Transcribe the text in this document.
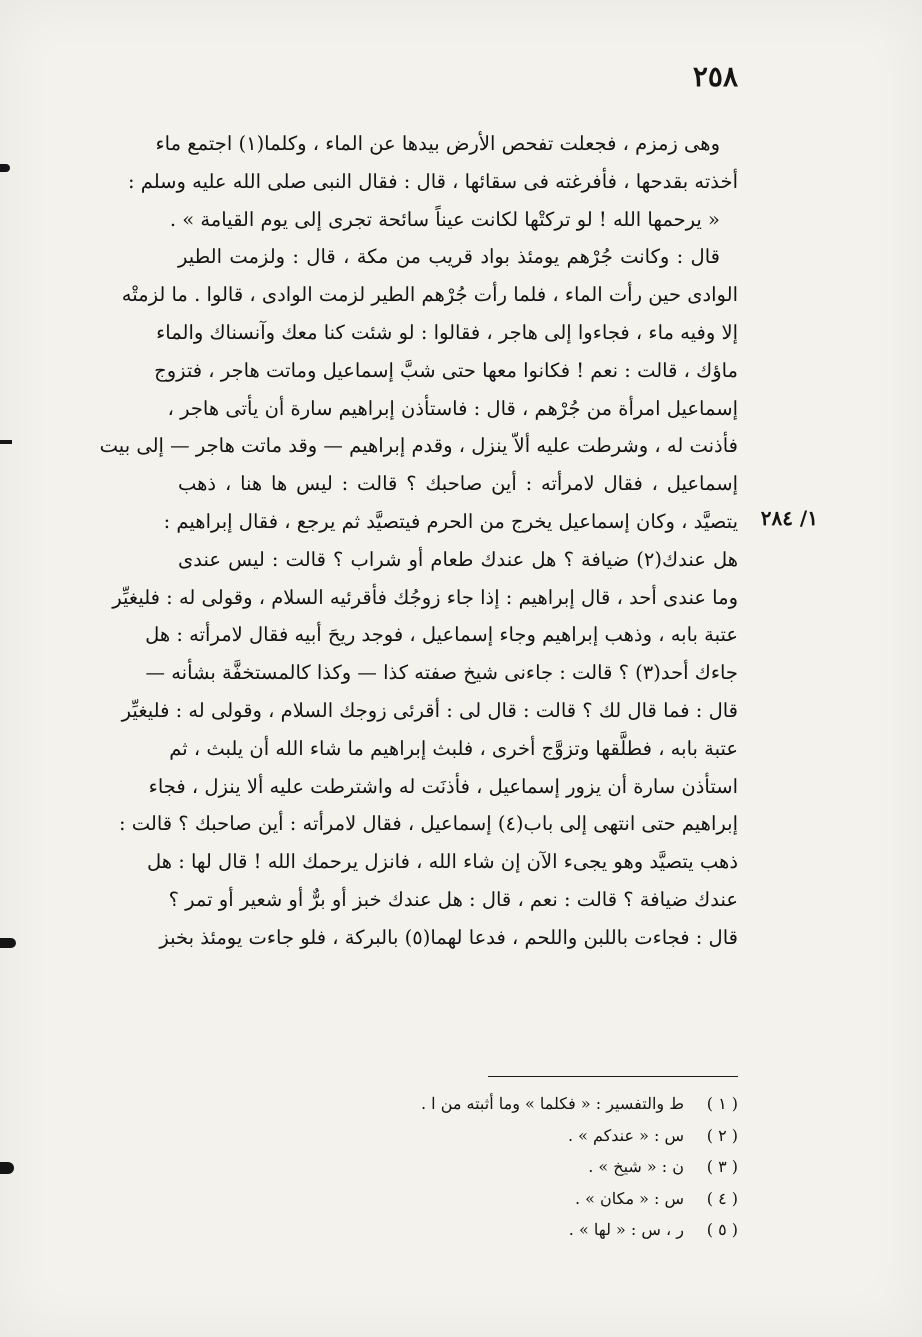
٢٥٨
١/ ٢٨٤
وهى زمزم ، فجعلت تفحص الأرض بيدها عن الماء ، وكلما(١) اجتمع ماء
أخذته بقدحها ، فأفرغته فى سقائها ، قال : فقال النبى صلى الله عليه وسلم :
« يرحمها الله ! لو تركتْها لكانت عيناً سائحة تجرى إلى يوم القيامة » .
قال : وكانت جُرْهم يومئذ بواد قريب من مكة ، قال : ولزمت الطير
الوادى حين رأت الماء ، فلما رأت جُرْهم الطير لزمت الوادى ، قالوا . ما لزمتْه
إلا وفيه ماء ، فجاءوا إلى هاجر ، فقالوا : لو شئت كنا معك وآنسناك والماء
ماؤك ، قالت : نعم ! فكانوا معها حتى شبَّ إسماعيل وماتت هاجر ، فتزوج
إسماعيل امرأة من جُرْهم ، قال : فاستأذن إبراهيم سارة أن يأتى هاجر ،
فأذنت له ، وشرطت عليه ألاّ ينزل ، وقدم إبراهيم — وقد ماتت هاجر — إلى بيت
إسماعيل ، فقال لامرأته : أين صاحبك ؟ قالت : ليس ها هنا ، ذهب
يتصيَّد ، وكان إسماعيل يخرج من الحرم فيتصيَّد ثم يرجع ، فقال إبراهيم :
هل عندك(٢) ضيافة ؟ هل عندك طعام أو شراب ؟ قالت : ليس عندى
وما عندى أحد ، قال إبراهيم : إذا جاء زوجُك فأقرئيه السلام ، وقولى له : فليغيِّر
عتبة بابه ، وذهب إبراهيم وجاء إسماعيل ، فوجد ريحَ أبيه فقال لامرأته : هل
جاءك أحد(٣) ؟ قالت : جاءنى شيخ صفته كذا — وكذا كالمستخفَّة بشأنه —
قال : فما قال لك ؟ قالت : قال لى : أقرئى زوجك السلام ، وقولى له : فليغيِّر
عتبة بابه ، فطلَّقها وتزوَّج أخرى ، فلبث إبراهيم ما شاء الله أن يلبث ، ثم
استأذن سارة أن يزور إسماعيل ، فأذنَت له واشترطت عليه ألا ينزل ، فجاء
إبراهيم حتى انتهى إلى باب(٤) إسماعيل ، فقال لامرأته : أين صاحبك ؟ قالت :
ذهب يتصيَّد وهو يجىء الآن إن شاء الله ، فانزل يرحمك الله ! قال لها : هل
عندك ضيافة ؟ قالت : نعم ، قال : هل عندك خبز أو برٌّ أو شعير أو تمر ؟
قال : فجاءت باللبن واللحم ، فدعا لهما(٥) بالبركة ، فلو جاءت يومئذ بخبز
( ١ )ط والتفسير : « فكلما » وما أثبته من ا .
( ٢ )س : « عندكم » .
( ٣ )ن : « شيخ » .
( ٤ )س : « مكان » .
( ٥ )ر ، س : « لها » .
